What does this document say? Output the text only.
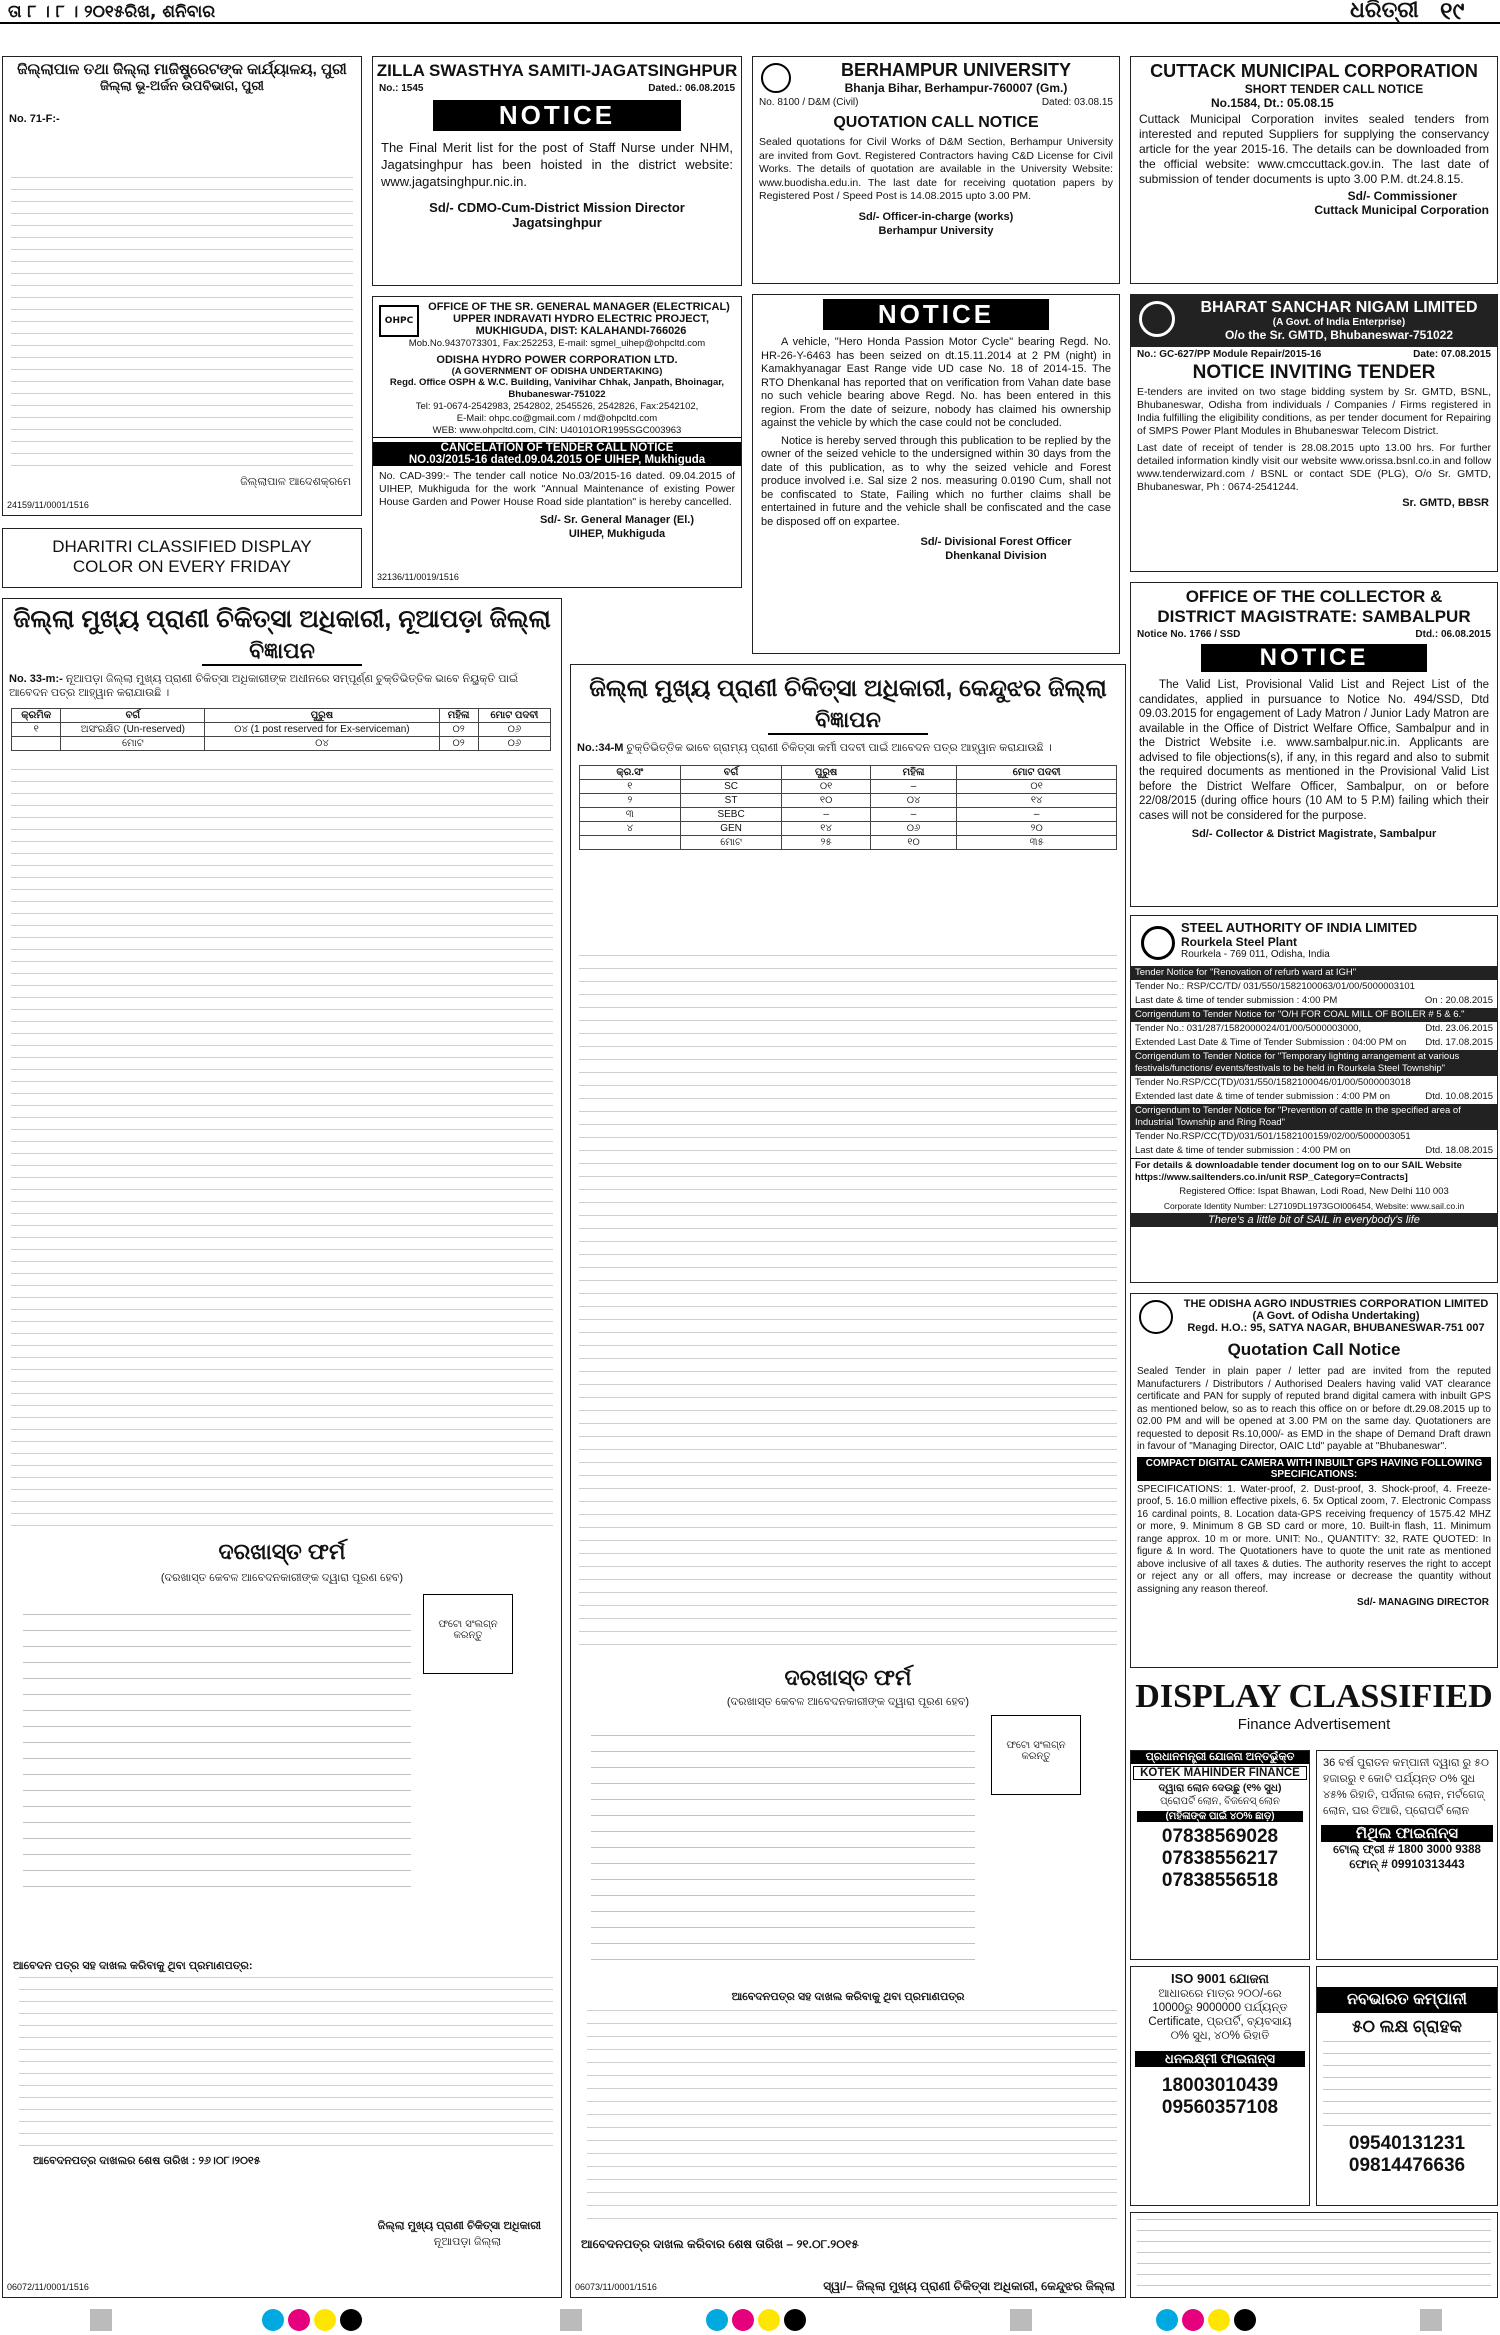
ତା ୮ । ୮ । ୨୦୧୫ରିଖ, ଶନିବାର	ଧରିତ୍ରୀ ୧୯
ଜିଲ୍ଲାପାଳ ତଥା ଜିଲ୍ଲା ମାଜିଷ୍ଟ୍ରେଟଙ୍କ କାର୍ଯ୍ୟାଳୟ, ପୁରୀ
ଜିଲ୍ଲା ଭୂ-ଅର୍ଜନ ଉପବିଭାଗ, ପୁରୀ
No. 71-F:-
ଜିଲ୍ଲାପାଳ ଆଦେଶକ୍ରମେ
24159/11/0001/1516
DHARITRI CLASSIFIED DISPLAY
COLOR ON EVERY FRIDAY
ZILLA SWASTHYA SAMITI-JAGATSINGHPUR
No.: 1545	Dated.: 06.08.2015
NOTICE
The Final Merit list for the post of Staff Nurse under NHM, Jagatsinghpur has been hoisted in the district website: www.jagatsinghpur.nic.in.
Sd/- CDMO-Cum-District Mission Director
Jagatsinghpur
OHPC
OFFICE OF THE SR. GENERAL MANAGER (ELECTRICAL)
UPPER INDRAVATI HYDRO ELECTRIC PROJECT,
MUKHIGUDA, DIST: KALAHANDI-766026
Mob.No.9437073301, Fax:252253, E-mail: sgmel_uihep@ohpcltd.com
ODISHA HYDRO POWER CORPORATION LTD.
(A GOVERNMENT OF ODISHA UNDERTAKING)
Regd. Office OSPH & W.C. Building, Vanivihar Chhak, Janpath, Bhoinagar, Bhubaneswar-751022
Tel: 91-0674-2542983, 2542802, 2545526, 2542826, Fax:2542102,
E-Mail: ohpc.co@gmail.com / md@ohpcltd.com
WEB: www.ohpcltd.com, CIN: U40101OR1995SGC003963
CANCELATION OF TENDER CALL NOTICE
NO.03/2015-16 dated.09.04.2015 OF UIHEP, Mukhiguda
No. CAD-399:- The tender call notice No.03/2015-16 dated. 09.04.2015 of UIHEP, Mukhiguda for the work "Annual Maintenance of existing Power House Garden and Power House Road side plantation" is hereby cancelled.
Sd/- Sr. General Manager (El.)
UIHEP, Mukhiguda
32136/11/0019/1516
BERHAMPUR UNIVERSITY
Bhanja Bihar, Berhampur-760007 (Gm.)
No. 8100 / D&M (Civil)	Dated: 03.08.15
QUOTATION CALL NOTICE
Sealed quotations for Civil Works of D&M Section, Berhampur University are invited from Govt. Registered Contractors having C&D License for Civil Works. The details of quotation are available in the University Website: www.buodisha.edu.in. The last date for receiving quotation papers by Registered Post / Speed Post is 14.08.2015 upto 3.00 PM.
Sd/- Officer-in-charge (works)
Berhampur University
NOTICE
A vehicle, "Hero Honda Passion Motor Cycle" bearing Regd. No. HR-26-Y-6463 has been seized on dt.15.11.2014 at 2 PM (night) in Kamakhyanagar East Range vide UD case No. 18 of 2014-15. The RTO Dhenkanal has reported that on verification from Vahan date base no such vehicle bearing above Regd. No. has been entered in this region. From the date of seizure, nobody has claimed his ownership against the vehicle by which the case could not be concluded.
Notice is hereby served through this publication to be replied by the owner of the seized vehicle to the undersigned within 30 days from the date of this publication, as to why the seized vehicle and Forest produce involved i.e. Sal size 2 nos. measuring 0.0190 Cum, shall not be confiscated to State, Failing which no further claims shall be entertained in future and the vehicle shall be confiscated and the case be disposed off on expartee.
Sd/- Divisional Forest Officer
Dhenkanal Division
CUTTACK MUNICIPAL CORPORATION
SHORT TENDER CALL NOTICE
No.1584, Dt.: 05.08.15
Cuttack Municipal Corporation invites sealed tenders from interested and reputed Suppliers for supplying the conservancy article for the year 2015-16. The details can be downloaded from the official website: www.cmccuttack.gov.in. The last date of submission of tender documents is upto 3.00 P.M. dt.24.8.15.
Sd/- Commissioner
Cuttack Municipal Corporation
BHARAT SANCHAR NIGAM LIMITED
(A Govt. of India Enterprise)
O/o the Sr. GMTD, Bhubaneswar-751022
No.: GC-627/PP Module Repair/2015-16	Date: 07.08.2015
NOTICE INVITING TENDER
E-tenders are invited on two stage bidding system by Sr. GMTD, BSNL, Bhubaneswar, Odisha from individuals / Companies / Firms registered in India fulfilling the eligibility conditions, as per tender document for Repairing of SMPS Power Plant Modules in Bhubaneswar Telecom District.
Last date of receipt of tender is 28.08.2015 upto 13.00 hrs. For further detailed information kindly visit our website www.orissa.bsnl.co.in and follow www.tenderwizard.com / BSNL or contact SDE (PLG), O/o Sr. GMTD, Bhubaneswar, Ph : 0674-2541244.
Sr. GMTD, BBSR
ଜିଲ୍ଲା ମୁଖ୍ୟ ପ୍ରାଣୀ ଚିକିତ୍ସା ଅଧିକାରୀ, ନୂଆପଡ଼ା ଜିଲ୍ଲା
ବିଜ୍ଞାପନ
No. 33-m:- ନୂଆପଡ଼ା ଜିଲ୍ଲା ମୁଖ୍ୟ ପ୍ରାଣୀ ଚିକିତ୍ସା ଅଧିକାରୀଙ୍କ ଅଧୀନରେ ସମ୍ପୂର୍ଣ୍ଣ ଚୁକ୍ତିଭିତ୍ତିକ ଭାବେ ନିୟୁକ୍ତି ପାଇଁ ଆବେଦନ ପତ୍ର ଆହ୍ୱାନ କରାଯାଉଛି ।
କ୍ରମିକ	ବର୍ଗ	ପୁରୁଷ	ମହିଳା	ମୋଟ ପଦବୀ
୧	ଅସଂରକ୍ଷିତ (Un-reserved)	୦୪ (1 post reserved for Ex-serviceman)	୦୨	୦୬
	ମୋଟ	୦୪	୦୨	୦୬
ଦରଖାସ୍ତ ଫର୍ମ
(ଦରଖାସ୍ତ କେବଳ ଆବେଦନକାରୀଙ୍କ ଦ୍ୱାରା ପୂରଣ ହେବ)
ଫଟୋ ସଂଲଗ୍ନ କରନ୍ତୁ
ଆବେଦନ ପତ୍ର ସହ ଦାଖଲ କରିବାକୁ ଥିବା ପ୍ରମାଣପତ୍ର:
ଆବେଦନପତ୍ର ଦାଖଲର ଶେଷ ତାରିଖ : ୨୬।୦୮।୨୦୧୫
ଜିଲ୍ଲା ମୁଖ୍ୟ ପ୍ରାଣୀ ଚିକିତ୍ସା ଅଧିକାରୀ
ନୂଆପଡ଼ା ଜିଲ୍ଲା
06072/11/0001/1516
ଜିଲ୍ଲା ମୁଖ୍ୟ ପ୍ରାଣୀ ଚିକିତ୍ସା ଅଧିକାରୀ, କେନ୍ଦୁଝର ଜିଲ୍ଲା
ବିଜ୍ଞାପନ
No.:34-M ଚୁକ୍ତିଭିତ୍ତିକ ଭାବେ ଗ୍ରାମ୍ୟ ପ୍ରାଣୀ ଚିକିତ୍ସା କର୍ମୀ ପଦବୀ ପାଇଁ ଆବେଦନ ପତ୍ର ଆହ୍ୱାନ କରାଯାଉଛି ।
କ୍ର.ସଂ	ବର୍ଗ	ପୁରୁଷ	ମହିଳା	ମୋଟ ପଦବୀ
୧	SC	୦୧	–	୦୧
୨	ST	୧୦	୦୪	୧୪
୩	SEBC	–	–	–
୪	GEN	୧୪	୦୬	୨୦
	ମୋଟ	୨୫	୧୦	୩୫
ଦରଖାସ୍ତ ଫର୍ମ
(ଦରଖାସ୍ତ କେବଳ ଆବେଦନକାରୀଙ୍କ ଦ୍ୱାରା ପୂରଣ ହେବ)
ଫଟୋ ସଂଲଗ୍ନ କରନ୍ତୁ
ଆବେଦନପତ୍ର ସହ ଦାଖଲ କରିବାକୁ ଥିବା ପ୍ରମାଣପତ୍ର
ଆବେଦନପତ୍ର ଦାଖଲ କରିବାର ଶେଷ ତାରିଖ – ୨୧.୦୮.୨୦୧୫
ସ୍ୱା/– ଜିଲ୍ଲା ମୁଖ୍ୟ ପ୍ରାଣୀ ଚିକିତ୍ସା ଅଧିକାରୀ, କେନ୍ଦୁଝର ଜିଲ୍ଲା
06073/11/0001/1516
OFFICE OF THE COLLECTOR &
DISTRICT MAGISTRATE: SAMBALPUR
Notice No. 1766 / SSD	Dtd.: 06.08.2015
NOTICE
The Valid List, Provisional Valid List and Reject List of the candidates, applied in pursuance to Notice No. 494/SSD, Dtd 09.03.2015 for engagement of Lady Matron / Junior Lady Matron are available in the Office of District Welfare Office, Sambalpur and in the District Website i.e. www.sambalpur.nic.in. Applicants are advised to file objections(s), if any, in this regard and also to submit the required documents as mentioned in the Provisional Valid List before the District Welfare Officer, Sambalpur, on or before 22/08/2015 (during office hours (10 AM to 5 P.M) failing which their cases will not be considered for the purpose.
Sd/- Collector & District Magistrate, Sambalpur
STEEL AUTHORITY OF INDIA LIMITED
Rourkela Steel Plant
Rourkela - 769 011, Odisha, India
Tender Notice for "Renovation of refurb ward at IGH"
Tender No.: RSP/CC/TD/ 031/550/1582100063/01/00/5000003101
Last date & time of tender submission : 4:00 PM	On : 20.08.2015
Corrigendum to Tender Notice for "O/H FOR COAL MILL OF BOILER # 5 & 6."
Tender No.: 031/287/1582000024/01/00/5000003000,	Dtd. 23.06.2015
Extended Last Date & Time of Tender Submission : 04:00 PM on Dtd. 17.08.2015
Corrigendum to Tender Notice for "Temporary lighting arrangement at various festivals/functions/ events/festivals to be held in Rourkela Steel Township"
Tender No.RSP/CC(TD)/031/550/1582100046/01/00/5000003018
Extended last date & time of tender submission : 4:00 PM on	Dtd. 10.08.2015
Corrigendum to Tender Notice for "Prevention of cattle in the specified area of Industrial Township and Ring Road"
Tender No.RSP/CC(TD)/031/501/1582100159/02/00/5000003051
Last date & time of tender submission : 4:00 PM on	Dtd. 18.08.2015
For details & downloadable tender document log on to our SAIL Website https://www.sailtenders.co.in/unit RSP_Category=Contracts]
Registered Office: Ispat Bhawan, Lodi Road, New Delhi 110 003
Corporate Identity Number: L27109DL1973GOI006454, Website: www.sail.co.in
There's a little bit of SAIL in everybody's life
THE ODISHA AGRO INDUSTRIES CORPORATION LIMITED
(A Govt. of Odisha Undertaking)
Regd. H.O.: 95, SATYA NAGAR, BHUBANESWAR-751 007
Quotation Call Notice
Sealed Tender in plain paper / letter pad are invited from the reputed Manufacturers / Distributors / Authorised Dealers having valid VAT clearance certificate and PAN for supply of reputed brand digital camera with inbuilt GPS as mentioned below, so as to reach this office on or before dt.29.08.2015 up to 02.00 PM and will be opened at 3.00 PM on the same day. Quotationers are requested to deposit Rs.10,000/- as EMD in the shape of Demand Draft drawn in favour of "Managing Director, OAIC Ltd" payable at "Bhubaneswar".
COMPACT DIGITAL CAMERA WITH INBUILT GPS HAVING FOLLOWING SPECIFICATIONS:
SPECIFICATIONS: 1. Water-proof, 2. Dust-proof, 3. Shock-proof, 4. Freeze-proof, 5. 16.0 million effective pixels, 6. 5x Optical zoom, 7. Electronic Compass 16 cardinal points, 8. Location data-GPS receiving frequency of 1575.42 MHZ or more, 9. Minimum 8 GB SD card or more, 10. Built-in flash, 11. Minimum range approx. 10 m or more. UNIT: No., QUANTITY: 32, RATE QUOTED: In figure & In word. The Quotationers have to quote the unit rate as mentioned above inclusive of all taxes & duties. The authority reserves the right to accept or reject any or all offers, may increase or decrease the quantity without assigning any reason thereof.
Sd/- MANAGING DIRECTOR
DISPLAY CLASSIFIED
Finance Advertisement
ପ୍ରଧାନମନ୍ତ୍ରୀ ଯୋଜନା ଅନ୍ତର୍ଭୁକ୍ତ
KOTEK MAHINDER FINANCE
ଦ୍ୱାରା ଲୋନ ଦେଉଛୁ (୧% ସୁଧ)
ପ୍ରୋପର୍ଟି ଲୋନ, ବିଜନେସ୍ ଲୋନ
(ମହିଳାଙ୍କ ପାଇଁ ୪୦% ଛାଡ଼)
07838569028
07838556217
07838556518
36 ବର୍ଷ ପୁରାତନ କମ୍ପାନୀ ଦ୍ୱାରା ରୁ ୫୦ ହଜାରରୁ ୧ କୋଟି ପର୍ଯ୍ୟନ୍ତ ୦% ସୁଧ ୪୫% ରିହାତି, ପର୍ସନାଲ ଲୋନ, ମର୍ଟଗେଜ୍ ଲୋନ, ଘର ତିଆରି, ପ୍ରୋପର୍ଟି ଲୋନ
ମିଥିଲ ଫାଇନାନ୍ସ
ଟୋଲ୍ ଫ୍ରୀ # 1800 3000 9388
ଫୋନ୍ # 09910313443
ISO 9001 ଯୋଜନା
ଆଧାରରେ ମାତ୍ର ୨୦୦/-ରେ
10000ରୁ 9000000 ପର୍ଯ୍ୟନ୍ତ
Certificate, ପ୍ରପର୍ଟି, ବ୍ୟବସାୟ
୦% ସୁଧ, ୪୦% ରିହାତି
ଧନଲକ୍ଷ୍ମୀ ଫାଇନାନ୍ସ
18003010439
09560357108
ନବଭାରତ କମ୍ପାନୀ
୫୦ ଲକ୍ଷ ଗ୍ରାହକ
09540131231
09814476636
